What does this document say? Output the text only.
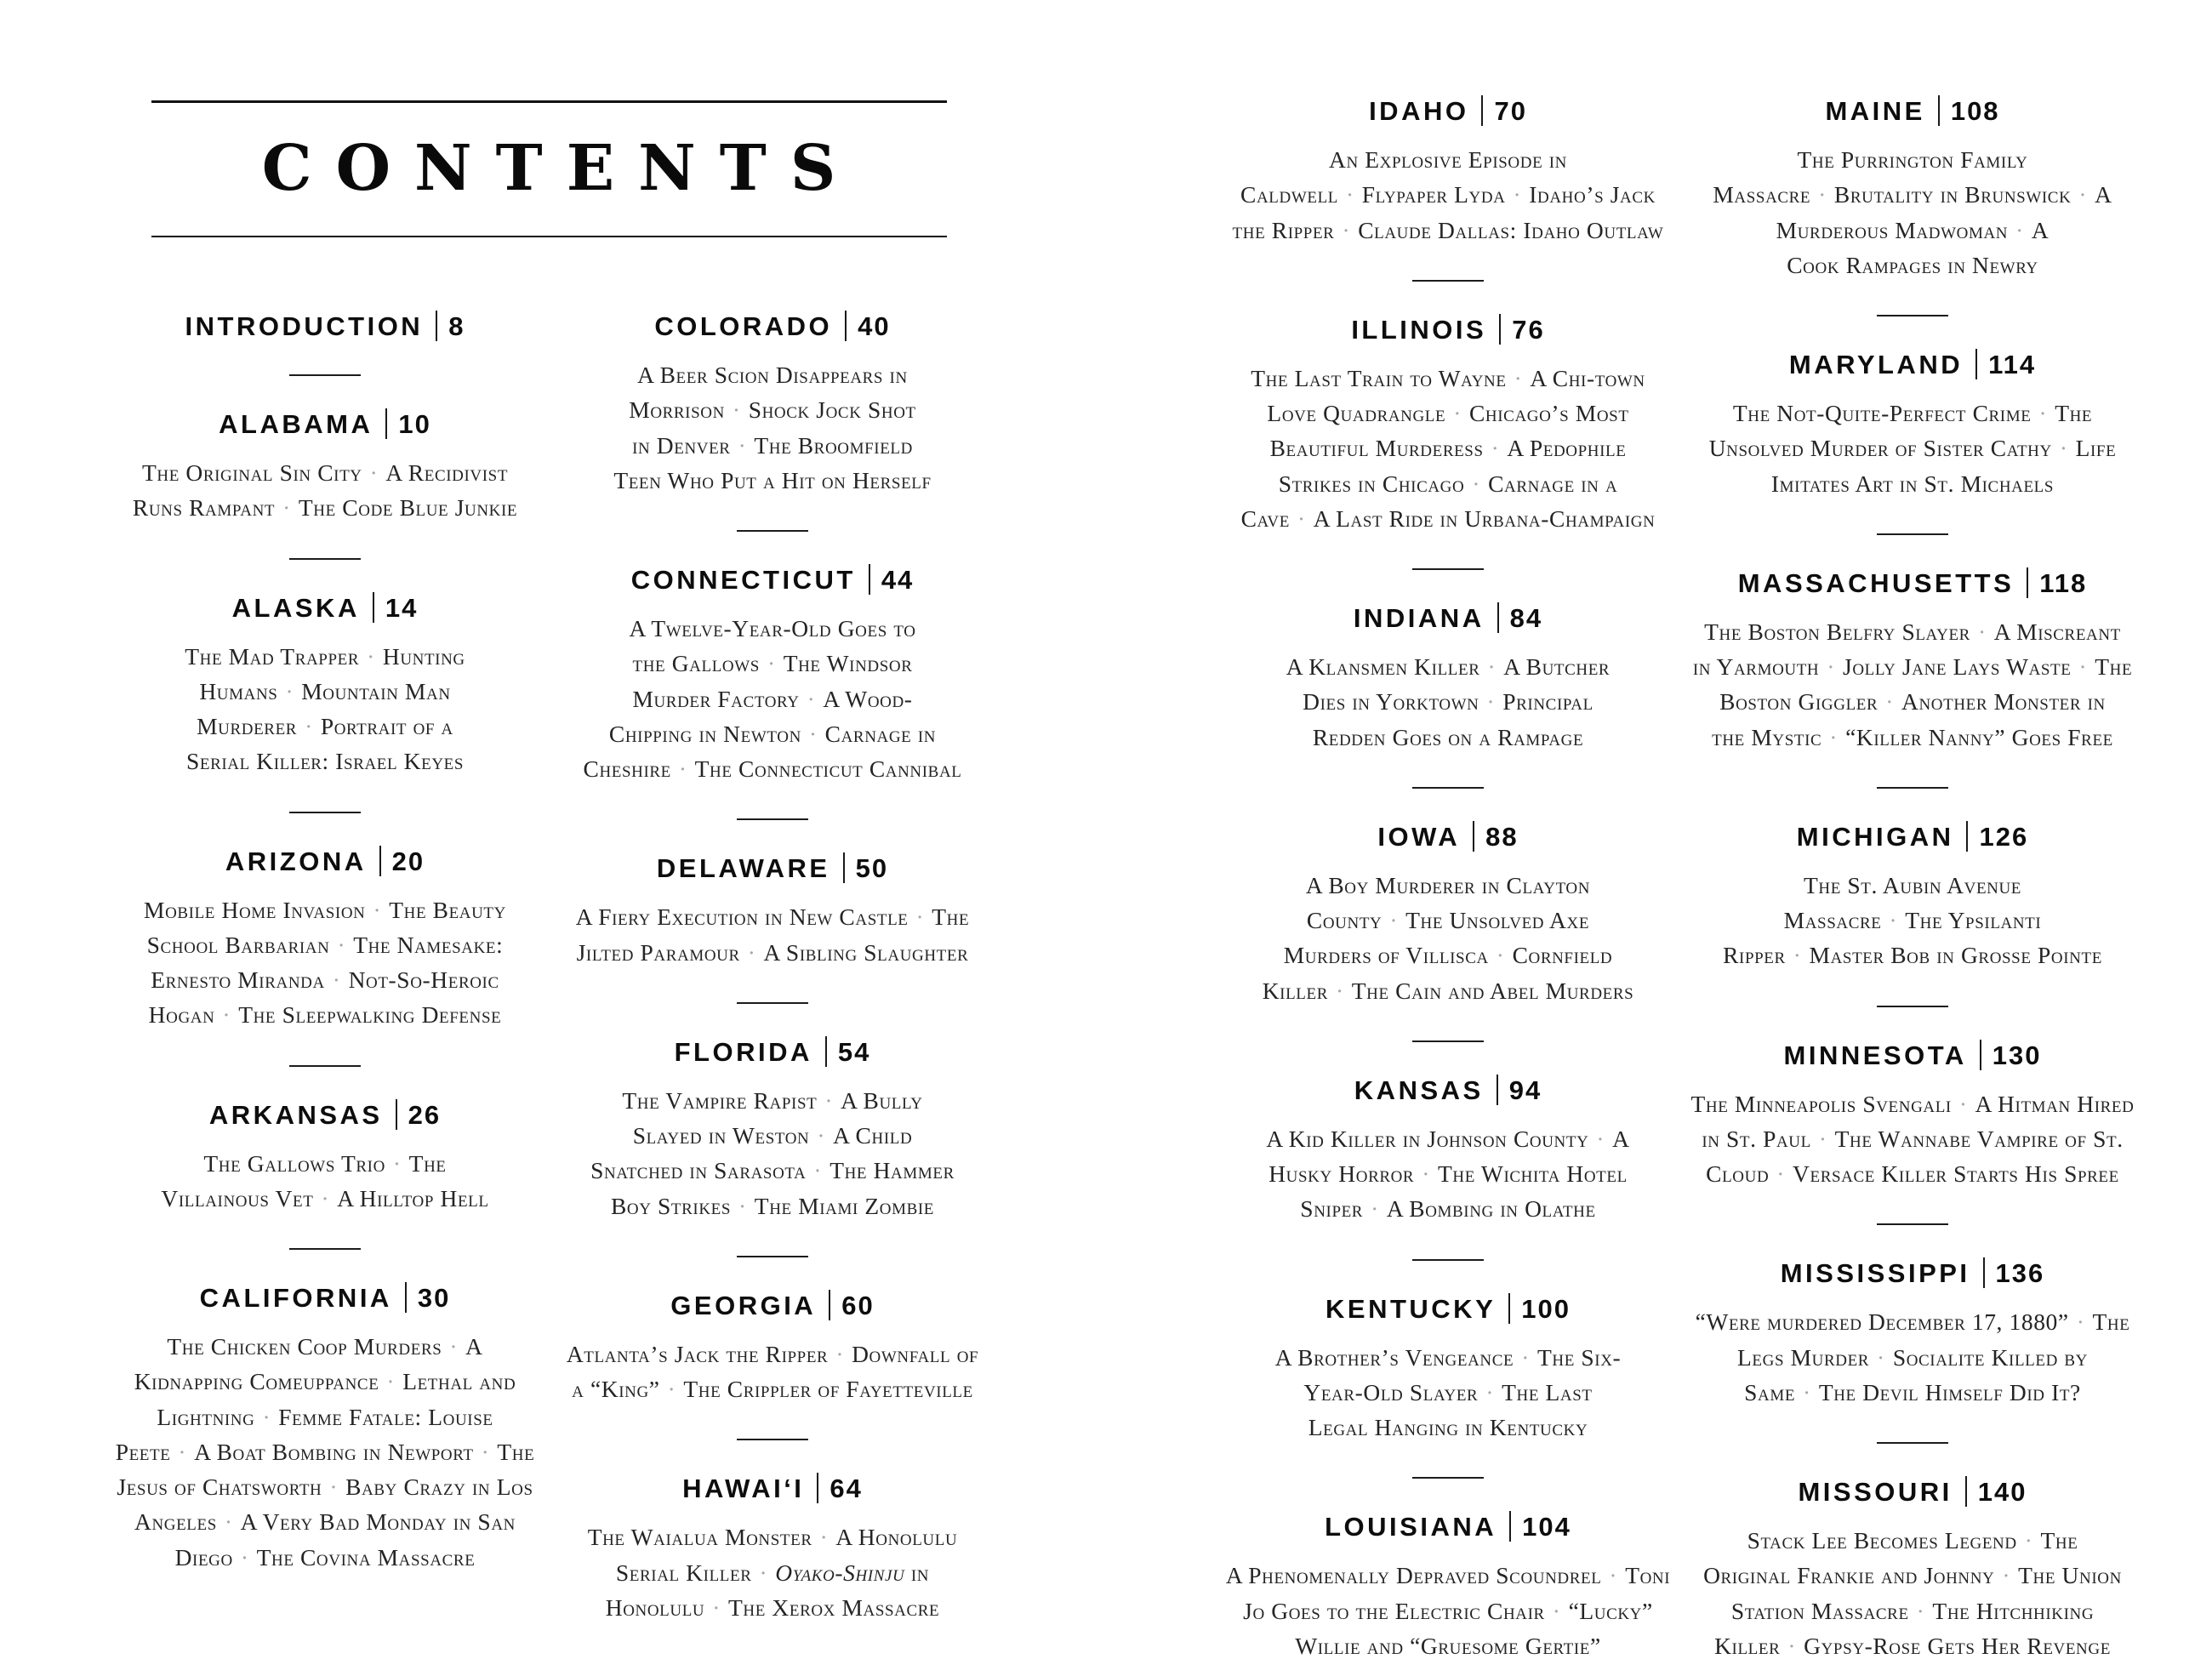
CONTENTS
INTRODUCTION 8
ALABAMA 10

The Original Sin City · A Recidivist Runs Rampant · The Code Blue Junkie

ALASKA 14

The Mad Trapper · Hunting Humans · Mountain Man Murderer · Portrait of a Serial Killer: Israel Keyes

ARIZONA 20

Mobile Home Invasion · The Beauty School Barbarian · The Namesake: Ernesto Miranda · Not-So-Heroic Hogan · The Sleepwalking Defense

ARKANSAS 26

The Gallows Trio · The Villainous Vet · A Hilltop Hell

CALIFORNIA 30

The Chicken Coop Murders · A Kidnapping Comeuppance · Lethal and Lightning · Femme Fatale: Louise Peete · A Boat Bombing in Newport · The Jesus of Chatsworth · Baby Crazy in Los Angeles · A Very Bad Monday in San Diego · The Covina Massacre

COLORADO 40

A Beer Scion Disappears in Morrison · Shock Jock Shot in Denver · The Broomfield Teen Who Put a Hit on Herself

CONNECTICUT 44

A Twelve-Year-Old Goes to the Gallows · The Windsor Murder Factory · A Wood-Chipping in Newton · Carnage in Cheshire · The Connecticut Cannibal

DELAWARE 50

A Fiery Execution in New Castle · The Jilted Paramour · A Sibling Slaughter

FLORIDA 54

The Vampire Rapist · A Bully Slayed in Weston · A Child Snatched in Sarasota · The Hammer Boy Strikes · The Miami Zombie

GEORGIA 60

Atlanta’s Jack the Ripper · Downfall of a “King” · The Crippler of Fayetteville

HAWAI‘I 64

The Waialua Monster · A Honolulu Serial Killer · Oyako-Shinju in Honolulu · The Xerox Massacre

IDAHO 70

An Explosive Episode in Caldwell · Flypaper Lyda · Idaho’s Jack the Ripper · Claude Dallas: Idaho Outlaw

ILLINOIS 76

The Last Train to Wayne · A Chi-town Love Quadrangle · Chicago’s Most Beautiful Murderess · A Pedophile Strikes in Chicago · Carnage in a Cave · A Last Ride in Urbana-Champaign

INDIANA 84

A Klansmen Killer · A Butcher Dies in Yorktown · Principal Redden Goes on a Rampage

IOWA 88

A Boy Murderer in Clayton County · The Unsolved Axe Murders of Villisca · Cornfield Killer · The Cain and Abel Murders

KANSAS 94

A Kid Killer in Johnson County · A Husky Horror · The Wichita Hotel Sniper · A Bombing in Olathe

KENTUCKY 100

A Brother’s Vengeance · The Six-Year-Old Slayer · The Last Legal Hanging in Kentucky

LOUISIANA 104

A Phenomenally Depraved Scoundrel · Toni Jo Goes to the Electric Chair · “Lucky” Willie and “Gruesome Gertie”

MAINE 108

The Purrington Family Massacre · Brutality in Brunswick · A Murderous Madwoman · A Cook Rampages in Newry

MARYLAND 114

The Not-Quite-Perfect Crime · The Unsolved Murder of Sister Cathy · Life Imitates Art in St. Michaels

MASSACHUSETTS 118

The Boston Belfry Slayer · A Miscreant in Yarmouth · Jolly Jane Lays Waste · The Boston Giggler · Another Monster in the Mystic · “Killer Nanny” Goes Free

MICHIGAN 126

The St. Aubin Avenue Massacre · The Ypsilanti Ripper · Master Bob in Grosse Pointe

MINNESOTA 130

The Minneapolis Svengali · A Hitman Hired in St. Paul · The Wannabe Vampire of St. Cloud · Versace Killer Starts His Spree

MISSISSIPPI 136

“Were murdered December 17, 1880” · The Legs Murder · Socialite Killed by Same · The Devil Himself Did It?

MISSOURI 140

Stack Lee Becomes Legend · The Original Frankie and Johnny · The Union Station Massacre · The Hitchhiking Killer · Gypsy-Rose Gets Her Revenge
